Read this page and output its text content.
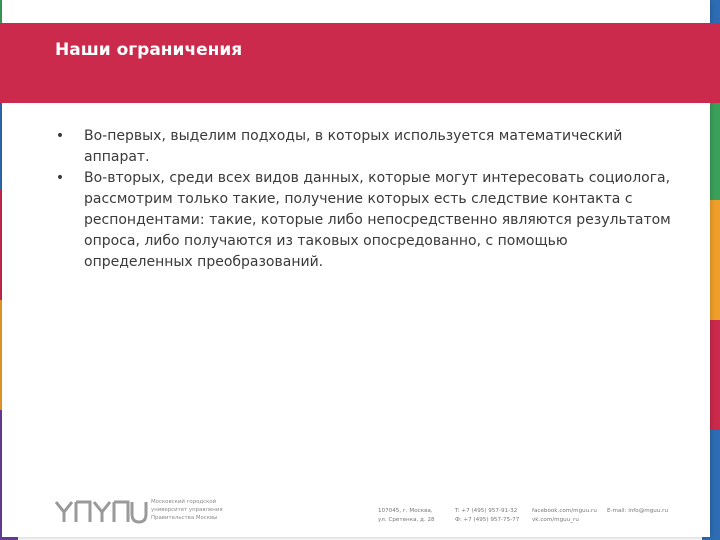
Наши ограничения
• Во-первых, выделим подходы, в которых используется математический аппарат.
• Во-вторых, среди всех видов данных, которые могут интересовать социолога, рассмотрим только такие, получение которых есть следствие контакта с респондентами: такие, которые либо непосредственно являются результатом опроса, либо получаются из таковых опосредованно, с помощью определенных преобразований.
Московский городской
университет управления
Правительства Москвы
107045, г. Москва,
ул. Сретенка, д. 28
T: +7 (495) 957-91-32
Ф: +7 (495) 957-75-77
facebook.com/mguu.ru
vk.com/mguu_ru
E-mail: info@mguu.ru
